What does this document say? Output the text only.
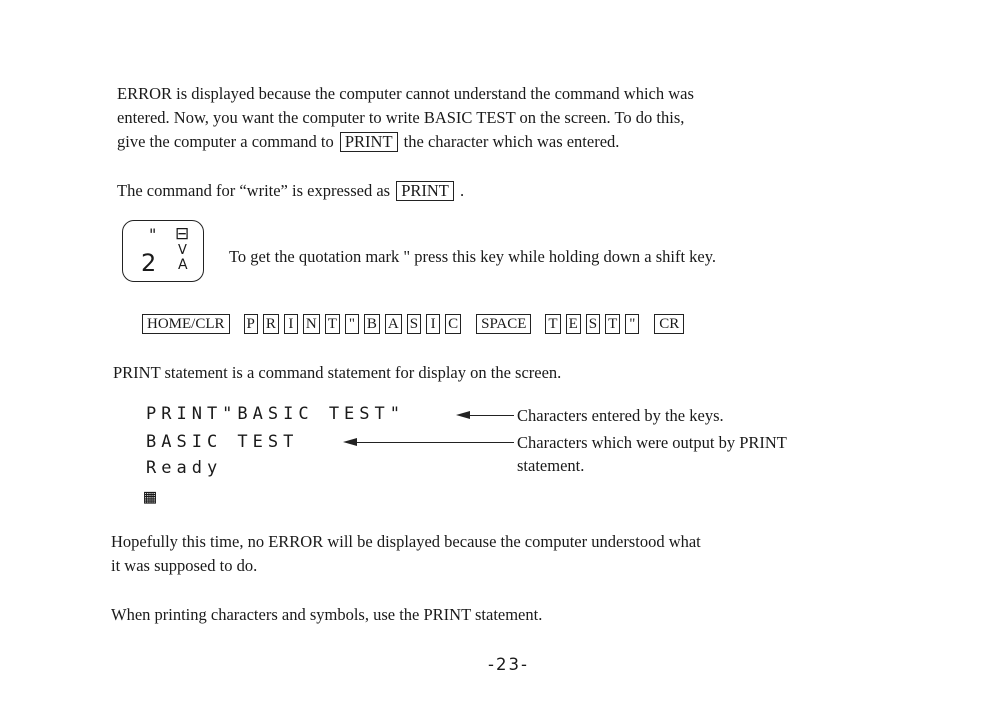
ERROR is displayed because the computer cannot understand the command which was
entered. Now, you want the computer to write BASIC TEST on the screen. To do this,
give the computer a command to PRINT the character which was entered.
The command for “write” is expressed as PRINT .
"
2
⊟
V
A	To get the quotation mark " press this key while holding down a shift key.
HOME/CLR	P R I N T " B A S I C	SPACE	T E S T "	CR
PRINT statement is a command statement for display on the screen.
PRINT"BASIC TEST"
BASIC TEST
Ready
▦
Characters entered by the keys.
Characters which were output by PRINT
statement.
Hopefully this time, no ERROR will be displayed because the computer understood what
it was supposed to do.
When printing characters and symbols, use the PRINT statement.
-23-
